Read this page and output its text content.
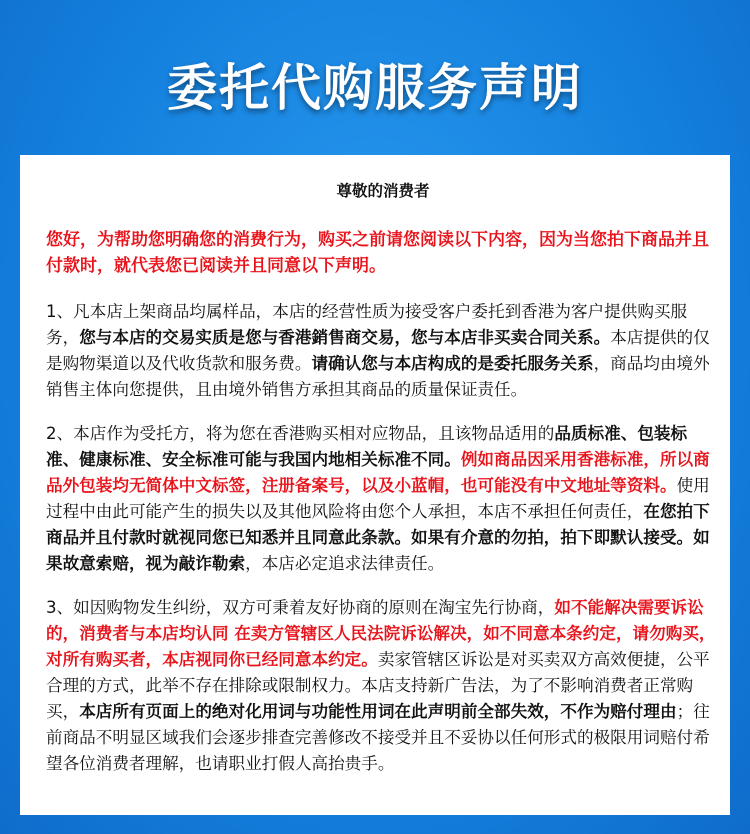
委托代购服务声明
尊敬的消费者
您好，为帮助您明确您的消费行为，购买之前请您阅读以下内容，因为当您拍下商品并且付款时，就代表您已阅读并且同意以下声明。
1、凡本店上架商品均属样品，本店的经营性质为接受客户委托到香港为客户提供购买服务，您与本店的交易实质是您与香港銷售商交易，您与本店非买卖合同关系。本店提供的仅是购物渠道以及代收货款和服务费。请确认您与本店构成的是委托服务关系，商品均由境外销售主体向您提供，且由境外销售方承担其商品的质量保证责任。
2、本店作为受托方，将为您在香港购买相对应物品，且该物品适用的品质标准、包装标准、健康标准、安全标准可能与我国内地相关标准不同。例如商品因采用香港标准，所以商品外包装均无简体中文标签，注册备案号，以及小蓝帽，也可能没有中文地址等资料。使用过程中由此可能产生的损失以及其他风险将由您个人承担，本店不承担任何责任，在您拍下商品并且付款时就视同您已知悉并且同意此条款。如果有介意的勿拍，拍下即默认接受。如果故意索赔，视为敲诈勒索，本店必定追求法律责任。
3、如因购物发生纠纷，双方可秉着友好协商的原则在淘宝先行协商，如不能解决需要诉讼的，消费者与本店均认同 在卖方管辖区人民法院诉讼解决，如不同意本条约定，请勿购买，对所有购买者，本店视同你已经同意本约定。卖家管辖区诉讼是对买卖双方高效便捷，公平合理的方式，此举不存在排除或限制权力。本店支持新广告法，为了不影响消费者正常购买，本店所有页面上的绝对化用词与功能性用词在此声明前全部失效，不作为赔付理由；往前商品不明显区域我们会逐步排查完善修改不接受并且不妥协以任何形式的极限用词赔付希望各位消费者理解，也请职业打假人高抬贵手。
